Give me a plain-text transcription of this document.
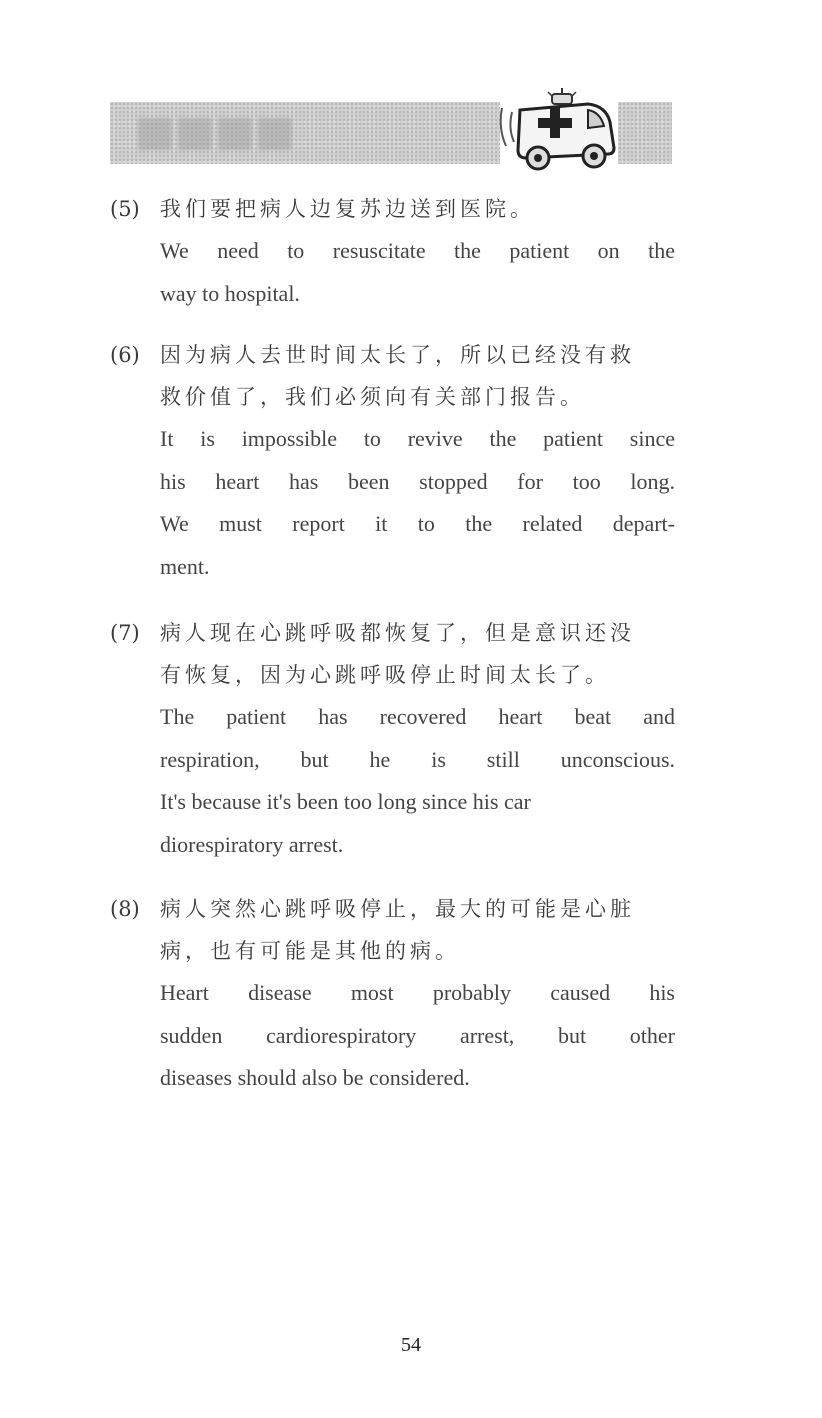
(5) 我们要把病人边复苏边送到医院。
We need to resuscitate the patient on the
way to hospital.
(6) 因为病人去世时间太长了，所以已经没有救
救价值了，我们必须向有关部门报告。
It is impossible to revive the patient since
his heart has been stopped for too long.
We must report it to the related depart-
ment.
(7) 病人现在心跳呼吸都恢复了，但是意识还没
有恢复，因为心跳呼吸停止时间太长了。
The patient has recovered heart beat and
respiration, but he is still unconscious.
It's because it's been too long since his car
diorespiratory arrest.
(8) 病人突然心跳呼吸停止，最大的可能是心脏
病，也有可能是其他的病。
Heart disease most probably caused his
sudden cardiorespiratory arrest, but other
diseases should also be considered.
54
